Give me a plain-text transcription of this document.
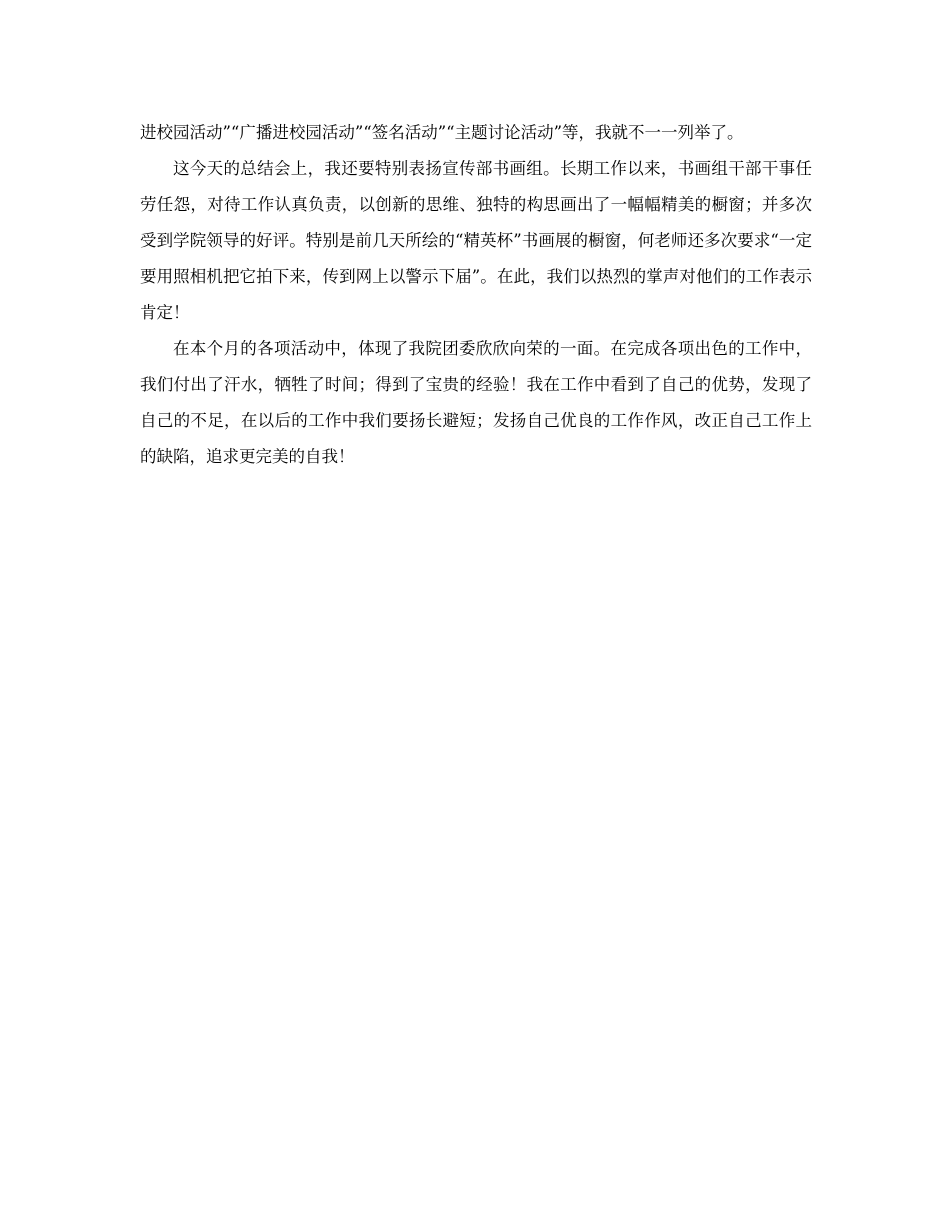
进校园活动”“广播进校园活动”“签名活动”“主题讨论活动”等，我就不一一列举了。

这今天的总结会上，我还要特别表扬宣传部书画组。长期工作以来，书画组干部干事任劳任怨，对待工作认真负责，以创新的思维、独特的构思画出了一幅幅精美的橱窗；并多次受到学院领导的好评。特别是前几天所绘的“精英杯”书画展的橱窗，何老师还多次要求“一定要用照相机把它拍下来，传到网上以警示下届”。在此，我们以热烈的掌声对他们的工作表示肯定！

在本个月的各项活动中，体现了我院团委欣欣向荣的一面。在完成各项出色的工作中，我们付出了汗水，牺牲了时间；得到了宝贵的经验！我在工作中看到了自己的优势，发现了自己的不足，在以后的工作中我们要扬长避短；发扬自己优良的工作作风，改正自己工作上的缺陷，追求更完美的自我！
